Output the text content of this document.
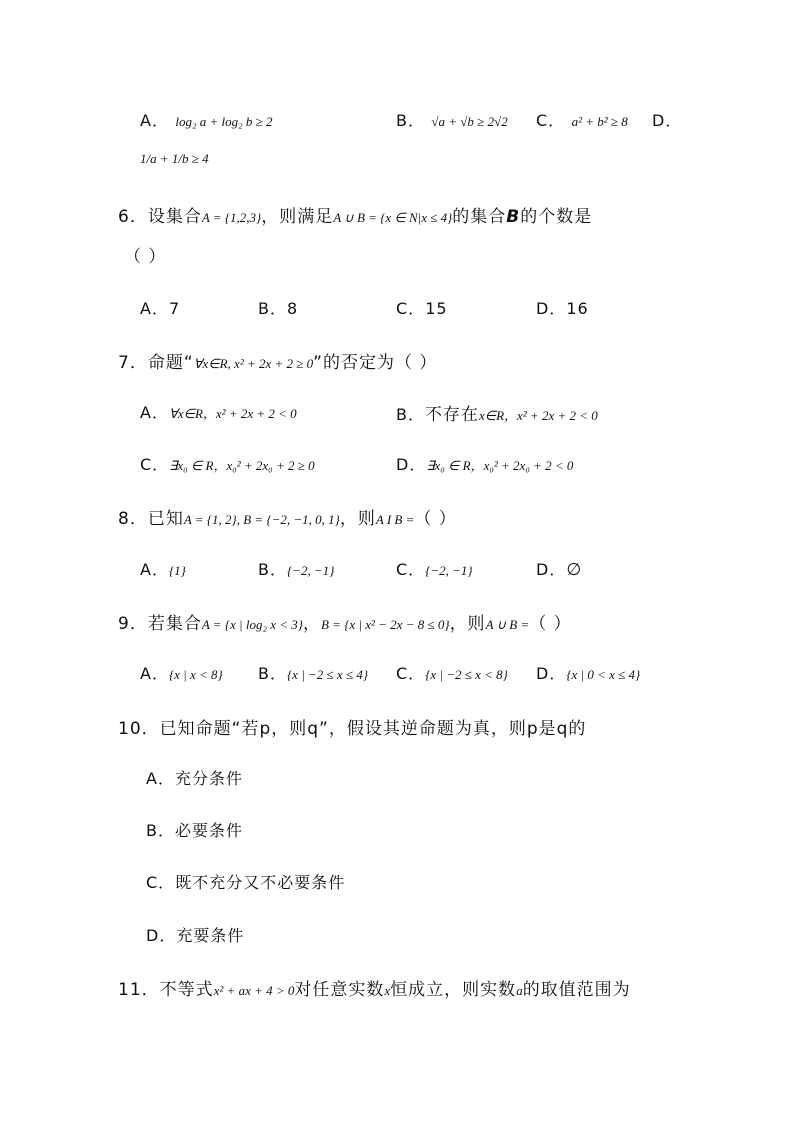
A． log₂ a + log₂ b ≥ 2	B． √a + √b ≥ 2√2 C． a² + b² ≥ 8 D．
1/a + 1/b ≥ 4
6．设集合A = {1,2,3}，则满足A ∪ B = {x ∈ N|x ≤ 4}的集合B的个数是
（ ）
A．7	B．8	C．15	D．16
7．命题“∀x∈R, x² + 2x + 2 ≥ 0”的否定为（ ）
A．∀x∈R，x² + 2x + 2 < 0	B．不存在x∈R，x² + 2x + 2 < 0
C．∃x₀ ∈ R，x₀² + 2x₀ + 2 ≥ 0	D．∃x₀ ∈ R，x₀² + 2x₀ + 2 < 0
8．已知A = {1, 2}, B = {−2, −1, 0, 1}，则A I B =（ ）
A．{1}	B．{−2, −1}	C．{−2, −1}	D．∅
9．若集合A = {x | log₂ x < 3}，B = {x | x² − 2x − 8 ≤ 0}，则A ∪ B =（ ）
A．{x | x < 8} B．{x | −2 ≤ x ≤ 4} C．{x | −2 ≤ x < 8} D．{x | 0 < x ≤ 4}
10．已知命题“若p，则q”，假设其逆命题为真，则p是q的
A．充分条件
B．必要条件
C．既不充分又不必要条件
D．充要条件
11．不等式x² + ax + 4 > 0对任意实数x恒成立，则实数a的取值范围为
